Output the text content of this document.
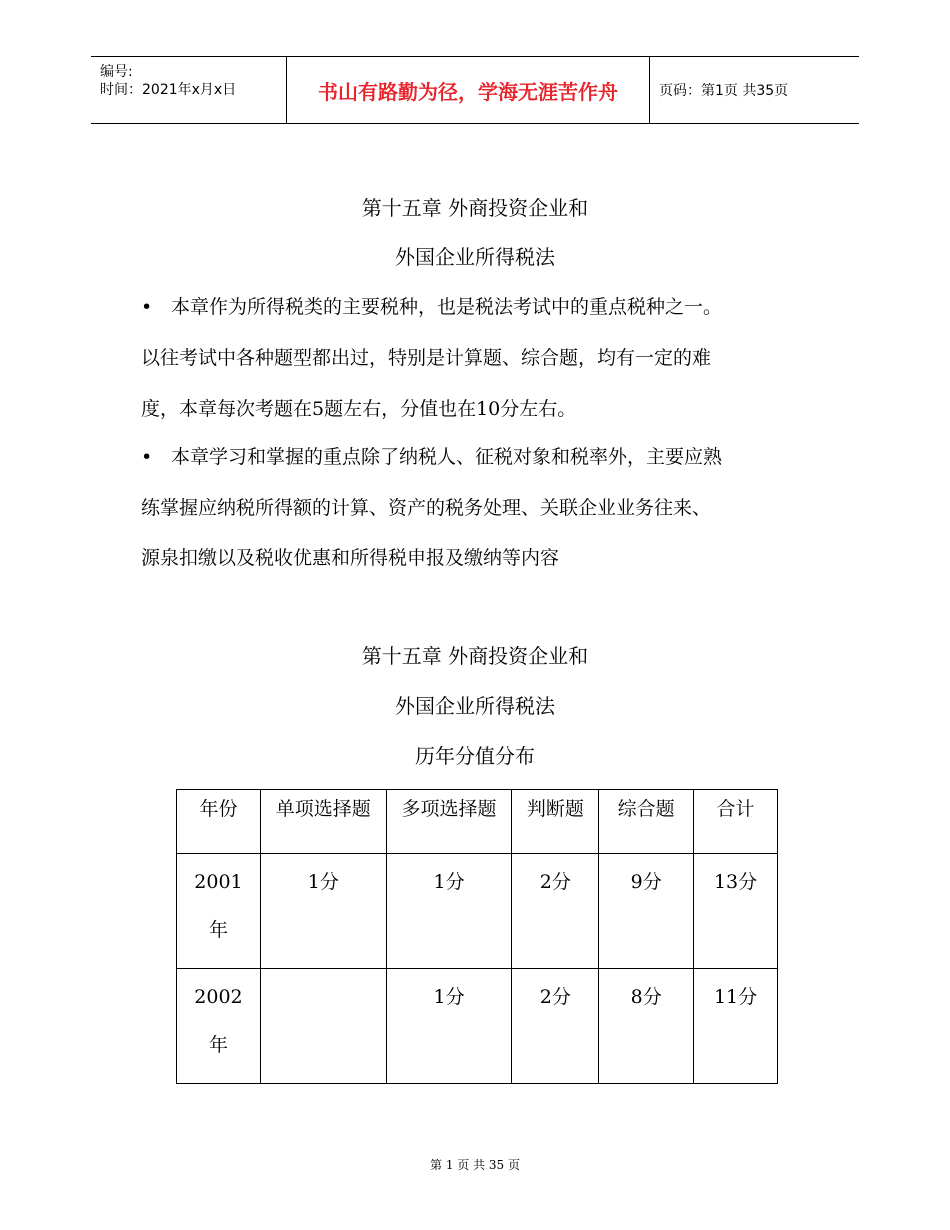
编号:
时间：2021年x月x日	书山有路勤为径，学海无涯苦作舟	页码：第1页 共35页
第十五章 外商投资企业和
外国企业所得税法
• 本章作为所得税类的主要税种，也是税法考试中的重点税种之一。
以往考试中各种题型都出过，特别是计算题、综合题，均有一定的难
度，本章每次考题在5题左右，分值也在10分左右。
• 本章学习和掌握的重点除了纳税人、征税对象和税率外，主要应熟
练掌握应纳税所得额的计算、资产的税务处理、关联企业业务往来、
源泉扣缴以及税收优惠和所得税申报及缴纳等内容
第十五章 外商投资企业和
外国企业所得税法
历年分值分布
年份	单项选择题	多项选择题	判断题	综合题	合计

2001
年	1分	1分	2分	9分	13分

2002
年		1分	2分	8分	11分
第 1 页 共 35 页
